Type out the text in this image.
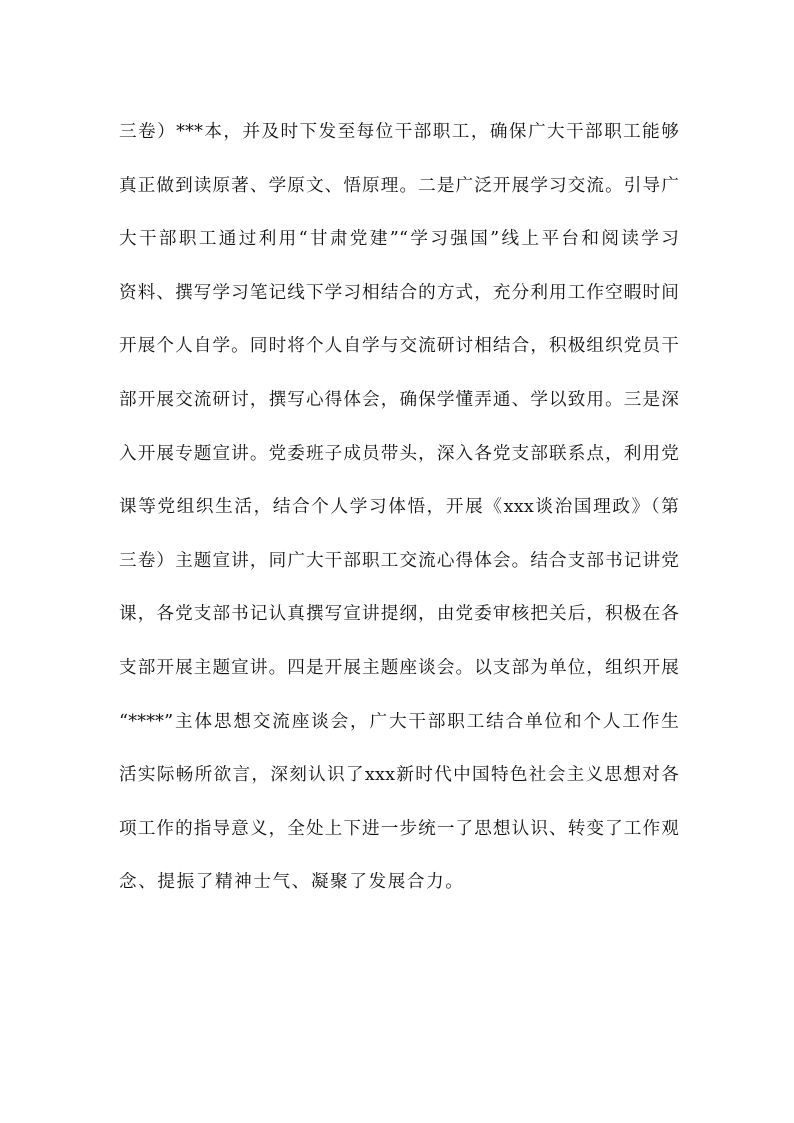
三卷）***本，并及时下发至每位干部职工，确保广大干部职工能够
真正做到读原著、学原文、悟原理。二是广泛开展学习交流。引导广
大干部职工通过利用“甘肃党建”“学习强国”线上平台和阅读学习
资料、撰写学习笔记线下学习相结合的方式，充分利用工作空暇时间
开展个人自学。同时将个人自学与交流研讨相结合，积极组织党员干
部开展交流研讨，撰写心得体会，确保学懂弄通、学以致用。三是深
入开展专题宣讲。党委班子成员带头，深入各党支部联系点，利用党
课等党组织生活，结合个人学习体悟，开展《xxx谈治国理政》（第
三卷）主题宣讲，同广大干部职工交流心得体会。结合支部书记讲党
课，各党支部书记认真撰写宣讲提纲，由党委审核把关后，积极在各
支部开展主题宣讲。四是开展主题座谈会。以支部为单位，组织开展
“****”主体思想交流座谈会，广大干部职工结合单位和个人工作生
活实际畅所欲言，深刻认识了xxx新时代中国特色社会主义思想对各
项工作的指导意义，全处上下进一步统一了思想认识、转变了工作观
念、提振了精神士气、凝聚了发展合力。
